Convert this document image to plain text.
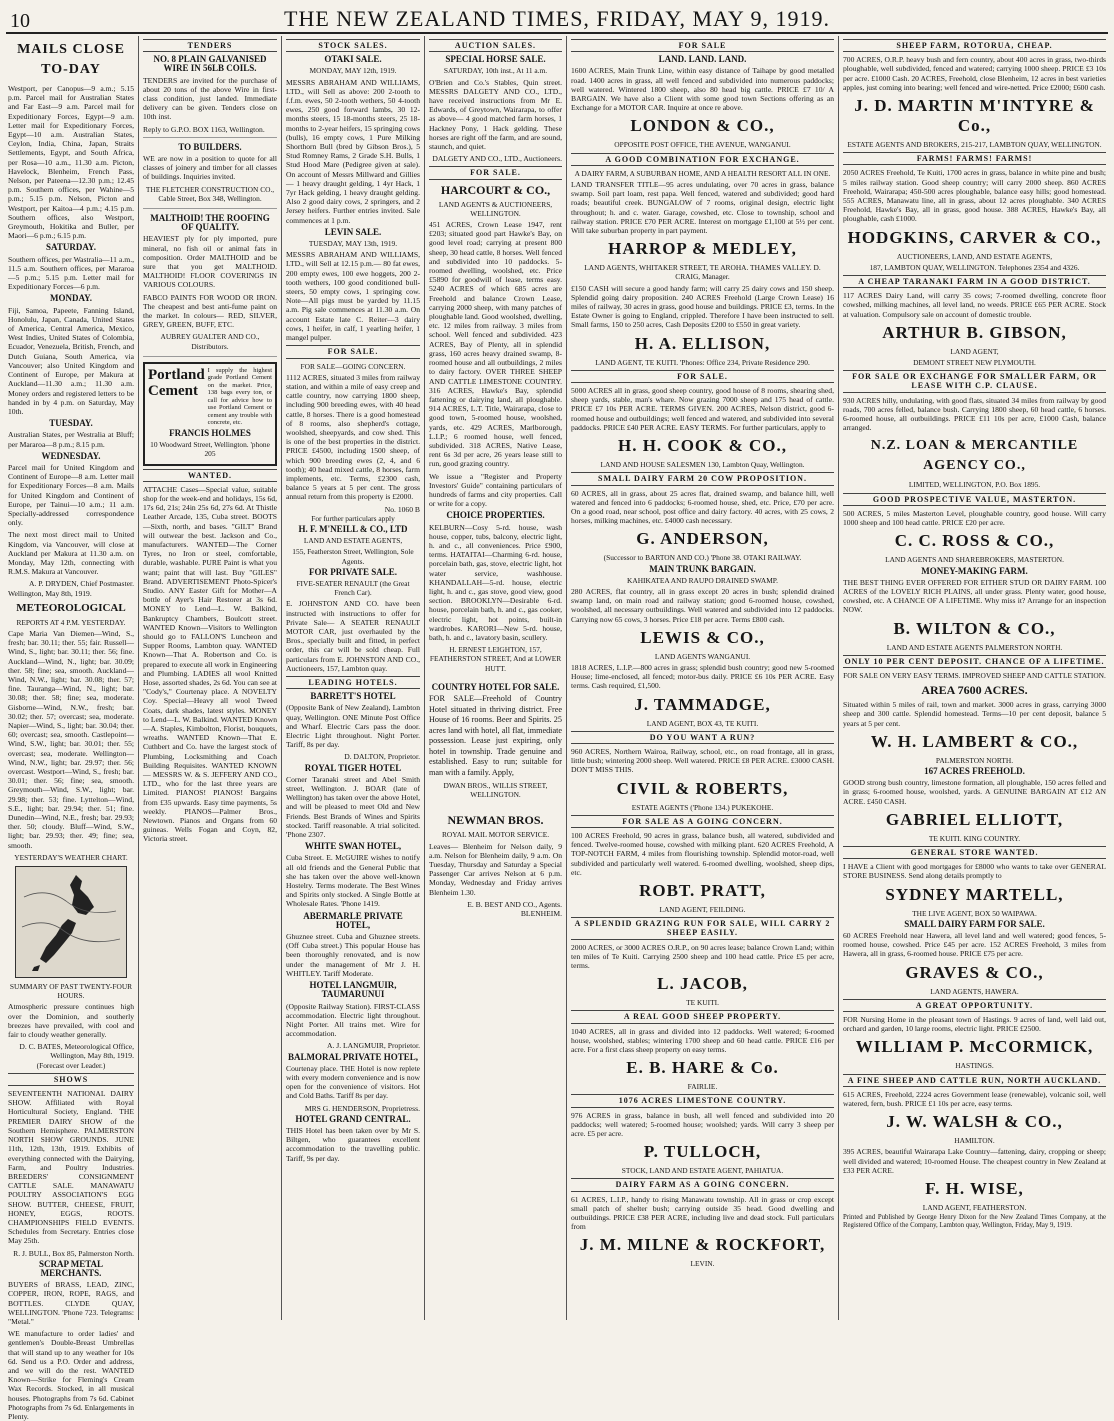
10	THE NEW ZEALAND TIMES, FRIDAY, MAY 9, 1919.
MAILS CLOSE TO-DAY

Westport, per Canopus—9 a.m.; 5.15 p.m. Parcel mail for Australian States and Far East—9 a.m. Parcel mail for Expeditionary Forces, Egypt—9 a.m. Letter mail for Expeditionary Forces, Egypt—10 a.m. Australian States, Ceylon, India, China, Japan, Straits Settlements, Egypt, and South Africa, per Rosa—10 a.m., 11.30 a.m. Picton, Havelock, Blenheim, French Pass, Nelson, per Pateena—12.30 p.m.; 12.45 p.m. Southern offices, per Wahine—5 p.m.; 5.15 p.m. Nelson, Picton and Westport, per Kaitoa—4 p.m.; 4.15 p.m. Southern offices, also Westport, Greymouth, Hokitika and Buller, per Maori—6 p.m.; 6.15 p.m.

SATURDAY.

Southern offices, per Wastralia—11 a.m., 11.5 a.m. Southern offices, per Mararoa—5 p.m.; 5.15 p.m. Letter mail for Expeditionary Forces—6 p.m.

MONDAY.

Fiji, Samoa, Papeete, Fanning Island, Honolulu, Japan, Canada, United States of America, Central America, Mexico, West Indies, United States of Colombia, Ecuador, Venezuela, British, French, and Dutch Guiana, South America, via Vancouver; also United Kingdom and Continent of Europe, per Makura at Auckland—11.30 a.m.; 11.30 a.m. Money orders and registered letters to be handed in by 4 p.m. on Saturday, May 10th.

TUESDAY.

Australian States, per Westralia at Bluff; per Mararoa—8 p.m.; 8.15 p.m.

WEDNESDAY.

Parcel mail for United Kingdom and Continent of Europe—8 a.m. Letter mail for Expeditionary Forces—8 a.m. Mails for United Kingdom and Continent of Europe, per Tainui—10 a.m.; 11 a.m. Specially-addressed correspondence only.

The next most direct mail to United Kingdom, via Vancouver, will close at Auckland per Makura at 11.30 a.m. on Monday, May 12th, connecting with R.M.S. Makura at Vancouver.

A. P. DRYDEN, Chief Postmaster.
Wellington, May 8th, 1919.
METEOROLOGICAL
REPORTS AT 4 P.M. YESTERDAY.

Cape Maria Van Diemen—Wind, S., fresh; bar. 30.11; ther. 55; fair. Russell—Wind, S., light; bar. 30.11; ther. 56; fine. Auckland—Wind, N., light; bar. 30.09; ther. 58; fine; sea, smooth. Auckland—Wind, N.W., light; bar. 30.08; ther. 57; fine. Tauranga—Wind, N., light; bar. 30.08; ther. 58; fine; sea, moderate. Gisborne—Wind, N.W., fresh; bar. 30.02; ther. 57; overcast; sea, moderate. Napier—Wind, S., light; bar. 30.04; ther. 60; overcast; sea, smooth. Castlepoint—Wind, S.W., light; bar. 30.01; ther. 55; overcast; sea, moderate. Wellington—Wind, N.W., light; bar. 29.97; ther. 56; overcast. Westport—Wind, S., fresh; bar. 30.01; ther. 56; fine; sea, smooth. Greymouth—Wind, S.W., light; bar. 29.98; ther. 53; fine. Lyttelton—Wind, S.E., light; bar. 29.94; ther. 51; fine. Dunedin—Wind, N.E., fresh; bar. 29.93; ther. 50; cloudy. Bluff—Wind, S.W., light; bar. 29.93; ther. 49; fine; sea, smooth.

YESTERDAY'S WEATHER CHART.
SUMMARY OF PAST TWENTY-FOUR HOURS.

Atmospheric pressure continues high over the Dominion, and southerly breezes have prevailed, with cool and fair to cloudy weather generally.

D. C. BATES, Meteorological Office, Wellington, May 8th, 1919.
(Forecast over Leader.)
SHOWS

SEVENTEENTH NATIONAL DAIRY SHOW. Affiliated with Royal Horticultural Society, England. THE PREMIER DAIRY SHOW of the Southern Hemisphere. PALMERSTON NORTH SHOW GROUNDS. JUNE 11th, 12th, 13th, 1919. Exhibits of everything connected with the Dairying, Farm, and Poultry Industries. BREEDERS' CONSIGNMENT CATTLE SALE. MANAWATU POULTRY ASSOCIATION'S EGG SHOW. BUTTER, CHEESE, FRUIT, HONEY, EGGS, ROOTS. CHAMPIONSHIPS FIELD EVENTS. Schedules from Secretary. Entries close May 25th.

R. J. BULL, Box 85, Palmerston North.
SCRAP METAL MERCHANTS.

BUYERS of BRASS, LEAD, ZINC, COPPER, IRON, ROPE, RAGS, and BOTTLES. CLYDE QUAY, WELLINGTON. 'Phone 723. Telegrams: "Metal."

WE manufacture to order ladies' and gentlemen's Double-Breast Umbrellas that will stand up to any weather for 10s 6d. Send us a P.O. Order and address, and we will do the rest. WANTED Known—Strike for Fleming's Cream Wax Records. Stocked, in all musical houses. Photographs from 7s 6d. Cabinet Photographs from 7s 6d. Enlargements in Plenty.

TENDERS
NO. 8 PLAIN GALVANISED WIRE IN 56LB COILS.

TENDERS are invited for the purchase of about 20 tons of the above Wire in first-class condition, just landed. Immediate delivery can be given. Tenders close on 10th inst.

Reply to G.P.O. BOX 1163, Wellington.
TO BUILDERS.

WE are now in a position to quote for all classes of joinery and timber for all classes of buildings. Inquiries invited.

THE FLETCHER CONSTRUCTION CO., Cable Street, Box 348, Wellington.
MALTHOID! THE ROOFING OF QUALITY.

HEAVIEST ply for ply imported, pure mineral, no fish oil or animal fats in composition. Order MALTHOID and be sure that you get MALTHOID. MALTHOID! FLOOR COVERINGS IN VARIOUS COLOURS.

FABCO PAINTS FOR WOOD OR IRON. The cheapest and best anti-fume paint on the market. In colours— RED, SILVER, GREY, GREEN, BUFF, ETC.

AUBREY GUALTER AND CO., Distributors.
Portland
Cement
I supply the highest grade Portland Cement on the market. Price, 138 bags every ton, or call for advice how to use Portland Cement or cement any trouble with concrete, etc.
FRANCIS HOLMES
10 Woodward Street, Wellington. 'phone 205
WANTED.

ATTACHE Cases—Special value, suitable shop for the week-end and holidays, 15s 6d, 17s 6d, 21s; 24in 25s 6d, 27s 6d. At Thistle Leather Arcade, 135, Cuba street. BOOTS—Sixth, north, and bases. "GILT" Brand will outwear the best. Jackson and Co., manufacturers. WANTED—The Corner Tyres, no Iron or steel, comfortable, durable, washable. PURE Paint is what you want; paint that will last. Buy "GILES" Brand. ADVERTISEMENT Photo-Spicer's Studio. ANY Easter Gift for Mother—A bottle of Ayer's Hair Restorer at 3s 6d. MONEY to Lend—L. W. Balkind, Bankruptcy Chambers, Boulcott street. WANTED Known—Visitors to Wellington should go to FALLON'S Luncheon and Supper Rooms, Lambton quay. WANTED Known—That A. Robertson and Co. is prepared to execute all work in Engineering and Plumbing. LADIES all wool Knitted Hose, assorted shades, 2s 6d. You can see at "Cody's," Courtenay place. A NOVELTY Coy. Special—Heavy all wool Tweed Coats, dark shades, latest styles. MONEY to Lend—L. W. Balkind. WANTED Known—A. Staples, Kimbolton, Florist, bouquets, wreaths. WANTED Known—That E. Cuthbert and Co. have the largest stock of Plumbing, Locksmithing and Coach Building Requisites. WANTED KNOWN — MESSRS W. & S. JEFFERY AND CO., LTD., who for the last three years are Limited. PIANOS! PIANOS! Bargains from £35 upwards. Easy time payments, 5s weekly. PIANOS—Palmer Bros., Newtown. Pianos and Organs from 60 guineas. Wells Fogan and Coyn, 82, Victoria street.

STOCK SALES.
OTAKI SALE.
MONDAY, MAY 12th, 1919.

MESSRS ABRAHAM AND WILLIAMS, LTD., will Sell as above: 200 2-tooth to f.f.m. ewes, 50 2-tooth wethers, 50 4-tooth ewes, 250 good forward lambs, 30 12-months steers, 15 18-months steers, 25 18-months to 2-year heifers, 15 springing cows (bulls), 16 empty cows, 1 Pure Milking Shorthorn Bull (bred by Gibson Bros.), 5 Stud Romney Rams, 2 Grade S.H. Bulls, 1 Stud Hood Mare (Pedigree given at sale). On account of Messrs Millward and Gillies— 1 heavy draught gelding, 1 4yr Hack, 1 7yr Hack gelding, 1 heavy draught gelding. Also 2 good dairy cows, 2 springers, and 2 Jersey heifers. Further entries invited. Sale commences at 1 p.m.

LEVIN SALE.
TUESDAY, MAY 13th, 1919.

MESSRS ABRAHAM AND WILLIAMS, LTD., will Sell at 12.15 p.m.— 80 fat ewes, 200 empty ewes, 100 ewe hoggets, 200 2-tooth wethers, 100 good conditioned bull-steers, 50 empty cows, 1 springing cow. Note—All pigs must be yarded by 11.15 a.m. Pig sale commences at 11.30 a.m. On account Estate late C. Reiter—3 dairy cows, 1 heifer, in calf, 1 yearling heifer, 1 mangel pulper.

FOR SALE.
FOR SALE—GOING CONCERN.

1112 ACRES, situated 3 miles from railway station, and within a mile of easy creep and cattle country, now carrying 1800 sheep, including 900 breeding ewes, with 40 head cattle, 8 horses. There is a good homestead of 8 rooms, also shepherd's cottage, woolshed, sheepyards, and cow shed. This is one of the best properties in the district. PRICE £4500, including 1500 sheep, of which 900 breeding ewes (2, 4, and 6 tooth); 40 head mixed cattle, 8 horses, farm implements, etc. Terms, £2300 cash, balance 5 years at 5 per cent. The gross annual return from this property is £2000.

No. 1060 B
For further particulars apply
H. F. M'NEILL & CO., LTD
LAND AND ESTATE AGENTS,
155, Featherston Street, Wellington, Sole Agents.
FOR PRIVATE SALE.
FIVE-SEATER RENAULT (the Great French Car).

E. JOHNSTON AND CO. have been instructed with instructions to offer for Private Sale— A SEATER RENAULT MOTOR CAR, just overhauled by the Bros., specially built and fitted, in perfect order, this car will be sold cheap. Full particulars from E. JOHNSTON AND CO., Auctioneers, 157, Lambton quay.

LEADING HOTELS.
BARRETT'S HOTEL

(Opposite Bank of New Zealand), Lambton quay, Wellington. ONE Minute Post Office and Wharf. Electric Cars pass the door. Electric Light throughout. Night Porter. Tariff, 8s per day.

D. DALTON, Proprietor.
ROYAL TIGER HOTEL

Corner Taranaki street and Abel Smith street, Wellington. J. BOAR (late of Wellington) has taken over the above Hotel, and will be pleased to meet Old and New Friends. Best Brands of Wines and Spirits stocked. Tariff reasonable. A trial solicited. 'Phone 2307.

WHITE SWAN HOTEL,

Cuba Street. E. McGUIRE wishes to notify all old friends and the General Public that she has taken over the above well-known Hostelry. Terms moderate. The Best Wines and Spirits only stocked. A Single Bottle at Wholesale Rates. 'Phone 1419.

ABERMARLE PRIVATE HOTEL,

Ghuznee street. Cuba and Ghuznee streets. (Off Cuba street.) This popular House has been thoroughly renovated, and is now under the management of Mr J. H. WHITLEY. Tariff Moderate.

HOTEL LANGMUIR, TAUMARUNUI

(Opposite Railway Station). FIRST-CLASS accommodation. Electric light throughout. Night Porter. All trains met. Wire for accommodation.

A. J. LANGMUIR, Proprietor.
BALMORAL PRIVATE HOTEL,

Courtenay place. THE Hotel is now replete with every modern convenience and is now open for the convenience of visitors. Hot and Cold Baths. Tariff 8s per day.

MRS G. HENDERSON, Proprietress.
HOTEL GRAND CENTRAL.

THIS Hotel has been taken over by Mr S. Biltgen, who guarantees excellent accommodation to the travelling public. Tariff, 9s per day.

AUCTION SALES.
SPECIAL HORSE SALE.
SATURDAY, 10th inst., At 11 a.m.

O'Brien and Co.'s Stables, Quin street. MESSRS DALGETY AND CO., LTD., have received instructions from Mr E. Edwards, of Greytown, Wairarapa, to offer as above— 4 good matched farm horses, 1 Hackney Pony, 1 Hack gelding. These horses are right off the farm, and are sound, staunch, and quiet.

DALGETY AND CO., LTD., Auctioneers.
FOR SALE.
HARCOURT & CO.,
LAND AGENTS & AUCTIONEERS, WELLINGTON.

451 ACRES, Crown Lease 1947, rent £203; situated good part Hawke's Bay, on good level road; carrying at present 800 sheep, 30 head cattle, 8 horses. Well fenced and subdivided into 10 paddocks. 5-roomed dwelling, woolshed, etc. Price £5890 for goodwill of lease, terms easy. 5240 ACRES of which 685 acres are Freehold and balance Crown Lease, carrying 2000 sheep, with many patches of ploughable land. Good woolshed, dwelling, etc. 12 miles from railway. 3 miles from school. Well fenced and subdivided. 423 ACRES, Bay of Plenty, all in splendid grass, 160 acres heavy drained swamp, 8-roomed house and all outbuildings, 2 miles to dairy factory. OVER THREE SHEEP AND CATTLE LIMESTONE COUNTRY. 316 ACRES, Hawke's Bay, splendid fattening or dairying land, all ploughable. 914 ACRES, L.T. Title, Wairarapa, close to good town, 5-roomed house, woolshed, yards, etc. 429 ACRES, Marlborough, L.I.P.; 6 roomed house, well fenced, subdivided. 318 ACRES, Native Lease, rent 6s 3d per acre, 26 years lease still to run, good grazing country.

We issue a "Register and Property Investors' Guide" containing particulars of hundreds of farms and city properties. Call or write for a copy.

CHOICE PROPERTIES.

KELBURN—Cosy 5-rd. house, wash house, copper, tubs, balcony, electric light, h. and c., all conveniences. Price £900, terms. HATAITAI—Charming 6-rd. house, porcelain bath, gas, stove, electric light, hot water service, washhouse. KHANDALLAH—5-rd. house, electric light, h. and c., gas stove, good view, good section. BROOKLYN—Desirable 6-rd. house, porcelain bath, h. and c., gas cooker, electric light, hot points, built-in wardrobes. KARORI—New 5-rd. house, bath, h. and c., lavatory basin, scullery.

H. ERNEST LEIGHTON, 157, FEATHERSTON STREET, And at LOWER HUTT.
COUNTRY HOTEL FOR SALE.

FOR SALE—Freehold of Country Hotel situated in thriving district. Free House of 16 rooms. Beer and Spirits. 25 acres land with hotel, all flat, immediate possession. Lease just expiring, only hotel in township. Trade genuine and established. Easy to run; suitable for man with a family. Apply,

DWAN BROS., WILLIS STREET, WELLINGTON.
NEWMAN BROS.
ROYAL MAIL MOTOR SERVICE.

Leaves— Blenheim for Nelson daily, 9 a.m. Nelson for Blenheim daily, 9 a.m. On Tuesday, Thursday and Saturday a Special Passenger Car arrives Nelson at 6 p.m. Monday, Wednesday and Friday arrives Blenheim 1.30.

E. B. BEST AND CO., Agents. BLENHEIM.
FOR SALE
LAND. LAND. LAND.

1600 ACRES, Main Trunk Line, within easy distance of Taihape by good metalled road. 1400 acres in grass, all well fenced and subdivided into numerous paddocks; well watered. Wintered 1800 sheep, also 80 head big cattle. PRICE £7 10/ A BARGAIN. We have also a Client with some good town Sections offering as an Exchange for a MOTOR CAR. Inquire at once re above.

LONDON & CO.,
OPPOSITE POST OFFICE, THE AVENUE, WANGANUI.
A GOOD COMBINATION FOR EXCHANGE.
A DAIRY FARM, A SUBURBAN HOME, AND A HEALTH RESORT ALL IN ONE.

LAND TRANSFER TITLE—95 acres undulating, over 70 acres in grass, balance swamp. Soil part loam, rest papa. Well fenced, watered and subdivided; good hard roads; beautiful creek. BUNGALOW of 7 rooms, original design, electric light throughout; h. and c. water. Garage, cowshed, etc. Close to township, school and railway station. PRICE £70 PER ACRE. Interest on mortgage £1,100 at 5½ per cent. Will take suburban property in part payment.

HARROP & MEDLEY,
LAND AGENTS, WHITAKER STREET, TE AROHA. THAMES VALLEY. D. CRAIG, Manager.

£150 CASH will secure a good handy farm; will carry 25 dairy cows and 150 sheep. Splendid going dairy proposition. 240 ACRES Freehold (Large Crown Lease) 16 miles of railway, 30 acres in grass, good house and buildings. PRICE £3, terms. In the Estate Owner is going to England, crippled. Therefore I have been instructed to sell. Small farms, 150 to 250 acres, Cash Deposits £200 to £550 in great variety.

H. A. ELLISON,
LAND AGENT, TE KUITI. 'Phones: Office 234, Private Residence 290.
FOR SALE.

5000 ACRES all in grass, good sheep country, good house of 8 rooms, shearing shed, sheep yards, stable, man's whare. Now grazing 7000 sheep and 175 head of cattle. PRICE £7 10s PER ACRE. TERMS GIVEN. 200 ACRES, Nelson district, good 6-roomed house and outbuildings; well fenced and watered, and subdivided into several paddocks. PRICE £40 PER ACRE. EASY TERMS. For further particulars, apply to

H. H. COOK & CO.,
LAND AND HOUSE SALESMEN 130, Lambton Quay, Wellington.
SMALL DAIRY FARM 20 COW PROPOSITION.

60 ACRES, all in grass, about 25 acres flat, drained swamp, and balance hill, well watered and fenced into 6 paddocks; 6-roomed house, shed, etc. Price, £70 per acre. On a good road, near school, post office and dairy factory. 40 acres, with 25 cows, 2 horses, milking machines, etc. £4000 cash necessary.

G. ANDERSON,
(Successor to BARTON AND CO.) 'Phone 38. OTAKI RAILWAY.
MAIN TRUNK BARGAIN.
KAHIKATEA AND RAUPO DRAINED SWAMP.

280 ACRES, flat country, all in grass except 20 acres in bush; splendid drained swamp land, on main road and railway station; good 6-roomed house, cowshed, woolshed, all necessary outbuildings. Well watered and subdivided into 12 paddocks. Carrying now 65 cows, 3 horses. Price £18 per acre. Terms £800 cash.

LEWIS & CO.,
LAND AGENTS WANGANUI.

1818 ACRES, L.I.P.—800 acres in grass; splendid bush country; good new 5-roomed House; lime-enclosed, all fenced; motor-bus daily. PRICE £6 10s PER ACRE. Easy terms. Cash required, £1,500.

J. TAMMADGE,
LAND AGENT, BOX 43, TE KUITI.
DO YOU WANT A RUN?

960 ACRES, Northern Wairoa, Railway, school, etc., on road frontage, all in grass, little bush; wintering 2000 sheep. Well watered. PRICE £8 PER ACRE. £3000 CASH. DON'T MISS THIS.

CIVIL & ROBERTS,
ESTATE AGENTS ('Phone 134.) PUKEKOHE.
FOR SALE AS A GOING CONCERN.

100 ACRES Freehold, 90 acres in grass, balance bush, all watered, subdivided and fenced. Twelve-roomed house, cowshed with milking plant. 620 ACRES Freehold, A TOP-NOTCH FARM, 4 miles from flourishing township. Splendid motor-road, well subdivided and particularly well watered. 6-roomed dwelling, woolshed, sheep dips, etc.

ROBT. PRATT,
LAND AGENT, FEILDING.
A SPLENDID GRAZING RUN FOR SALE, WILL CARRY 2 SHEEP EASILY.

2000 ACRES, or 3000 ACRES O.R.P., on 90 acres lease; balance Crown Land; within ten miles of Te Kuiti. Carrying 2500 sheep and 100 head cattle. Price £5 per acre, terms.

L. JACOB,
TE KUITI.
A REAL GOOD SHEEP PROPERTY.

1040 ACRES, all in grass and divided into 12 paddocks. Well watered; 6-roomed house, woolshed, stables; wintering 1700 sheep and 60 head cattle. PRICE £16 per acre. For a first class sheep property on easy terms.

E. B. HARE & Co.
FAIRLIE.
1076 ACRES LIMESTONE COUNTRY.

976 ACRES in grass, balance in bush, all well fenced and subdivided into 20 paddocks; well watered; 5-roomed house; woolshed; yards. Will carry 3 sheep per acre. £5 per acre.

P. TULLOCH,
STOCK, LAND AND ESTATE AGENT, PAHIATUA.
DAIRY FARM AS A GOING CONCERN.

61 ACRES, L.I.P., handy to rising Manawatu township. All in grass or crop except small patch of shelter bush; carrying outside 35 head. Good dwelling and outbuildings. PRICE £38 PER ACRE, including live and dead stock. Full particulars from

J. M. MILNE & ROCKFORT,
LEVIN.
SHEEP FARM, ROTORUA, CHEAP.

700 ACRES, O.R.P. heavy bush and fern country, about 400 acres in grass, two-thirds ploughable, well subdivided, fenced and watered; carrying 1000 sheep. PRICE £3 10s per acre. £1000 Cash. 20 ACRES, Freehold, close Blenheim, 12 acres in best varieties apples, just coming into bearing; well fenced and wire-netted. Price £2000; £600 cash.

J. D. MARTIN M'INTYRE & Co.,
ESTATE AGENTS AND BROKERS, 215-217, LAMBTON QUAY, WELLINGTON.
FARMS! FARMS! FARMS!

2050 ACRES Freehold, Te Kuiti, 1700 acres in grass, balance in white pine and bush; 5 miles railway station. Good sheep country; will carry 2000 sheep. 860 ACRES Freehold, Wairarapa; 450-500 acres ploughable, balance easy hills; good homestead. 555 ACRES, Manawatu line, all in grass, about 12 acres ploughable. 340 ACRES Freehold, Hawke's Bay, all in grass, good house. 388 ACRES, Hawke's Bay, all ploughable, cash £1000.

HODGKINS, CARVER & CO.,
AUCTIONEERS, LAND, AND ESTATE AGENTS,
187, LAMBTON QUAY, WELLINGTON. Telephones 2354 and 4326.
A CHEAP TARANAKI FARM IN A GOOD DISTRICT.

117 ACRES Dairy Land, will carry 35 cows; 7-roomed dwelling, concrete floor cowshed, milking machines, all level land, no weeds. PRICE £65 PER ACRE. Stock at valuation. Compulsory sale on account of domestic trouble.

ARTHUR B. GIBSON,
LAND AGENT,
DEMONT STREET NEW PLYMOUTH.
FOR SALE OR EXCHANGE FOR SMALLER FARM, OR LEASE WITH C.P. CLAUSE.

930 ACRES hilly, undulating, with good flats, situated 34 miles from railway by good roads, 700 acres felled, balance bush. Carrying 1800 sheep, 60 head cattle, 6 horses. 6-roomed house, all outbuildings. PRICE £11 10s per acre, £1000 Cash, balance arranged.

N.Z. LOAN & MERCANTILE AGENCY CO.,
LIMITED, WELLINGTON, P.O. Box 1895.
GOOD PROSPECTIVE VALUE, MASTERTON.

500 ACRES, 5 miles Masterton Level, ploughable country, good house. Will carry 1000 sheep and 100 head cattle. PRICE £20 per acre.

C. C. ROSS & CO.,
LAND AGENTS AND SHAREBROKERS, MASTERTON.
MONEY-MAKING FARM.

THE BEST THING EVER OFFERED FOR EITHER STUD OR DAIRY FARM. 100 ACRES of the LOVELY RICH PLAINS, all under grass. Plenty water, good house, cowshed, etc. A CHANCE OF A LIFETIME. Why miss it? Arrange for an inspection NOW.

B. WILTON & CO.,
LAND AND ESTATE AGENTS PALMERSTON NORTH.
ONLY 10 PER CENT DEPOSIT. CHANCE OF A LIFETIME.
FOR SALE ON VERY EASY TERMS. IMPROVED SHEEP AND CATTLE STATION.
AREA 7600 ACRES.

Situated within 5 miles of rail, town and market. 3000 acres in grass, carrying 3000 sheep and 300 cattle. Splendid homestead. Terms—10 per cent deposit, balance 5 years at 5 per cent.

W. H. LAMBERT & CO.,
PALMERSTON NORTH.
167 ACRES FREEHOLD.

GOOD strong bush country, limestone formation, all ploughable, 150 acres felled and in grass; 6-roomed house, woolshed, yards. A GENUINE BARGAIN AT £12 AN ACRE. £450 CASH.

GABRIEL ELLIOTT,
TE KUITI. KING COUNTRY.
GENERAL STORE WANTED.

I HAVE a Client with good mortgages for £8000 who wants to take over GENERAL STORE BUSINESS. Send along details promptly to

SYDNEY MARTELL,
THE LIVE AGENT, BOX 50 WAIPAWA.
SMALL DAIRY FARM FOR SALE.

60 ACRES Freehold near Hawera, all level land and well watered; good fences, 5-roomed house, cowshed. Price £45 per acre. 152 ACRES Freehold, 3 miles from Hawera, all in grass, 6-roomed house. PRICE £75 per acre.

GRAVES & CO.,
LAND AGENTS, HAWERA.
A GREAT OPPORTUNITY.

FOR Nursing Home in the pleasant town of Hastings. 9 acres of land, well laid out, orchard and garden, 10 large rooms, electric light. PRICE £2500.

WILLIAM P. McCORMICK,
HASTINGS.
A FINE SHEEP AND CATTLE RUN, NORTH AUCKLAND.

615 ACRES, Freehold, 2224 acres Government lease (renewable), volcanic soil, well watered, fern, bush. PRICE £1 10s per acre, easy terms.

J. W. WALSH & CO.,
HAMILTON.

395 ACRES, beautiful Wairarapa Lake Country—fattening, dairy, cropping or sheep; well divided and watered; 10-roomed House. The cheapest country in New Zealand at £33 PER ACRE.

F. H. WISE,
LAND AGENT, FEATHERSTON.

Printed and Published by George Henry Dixon for the New Zealand Times Company, at the Registered Office of the Company, Lambton quay, Wellington, Friday, May 9, 1919.
